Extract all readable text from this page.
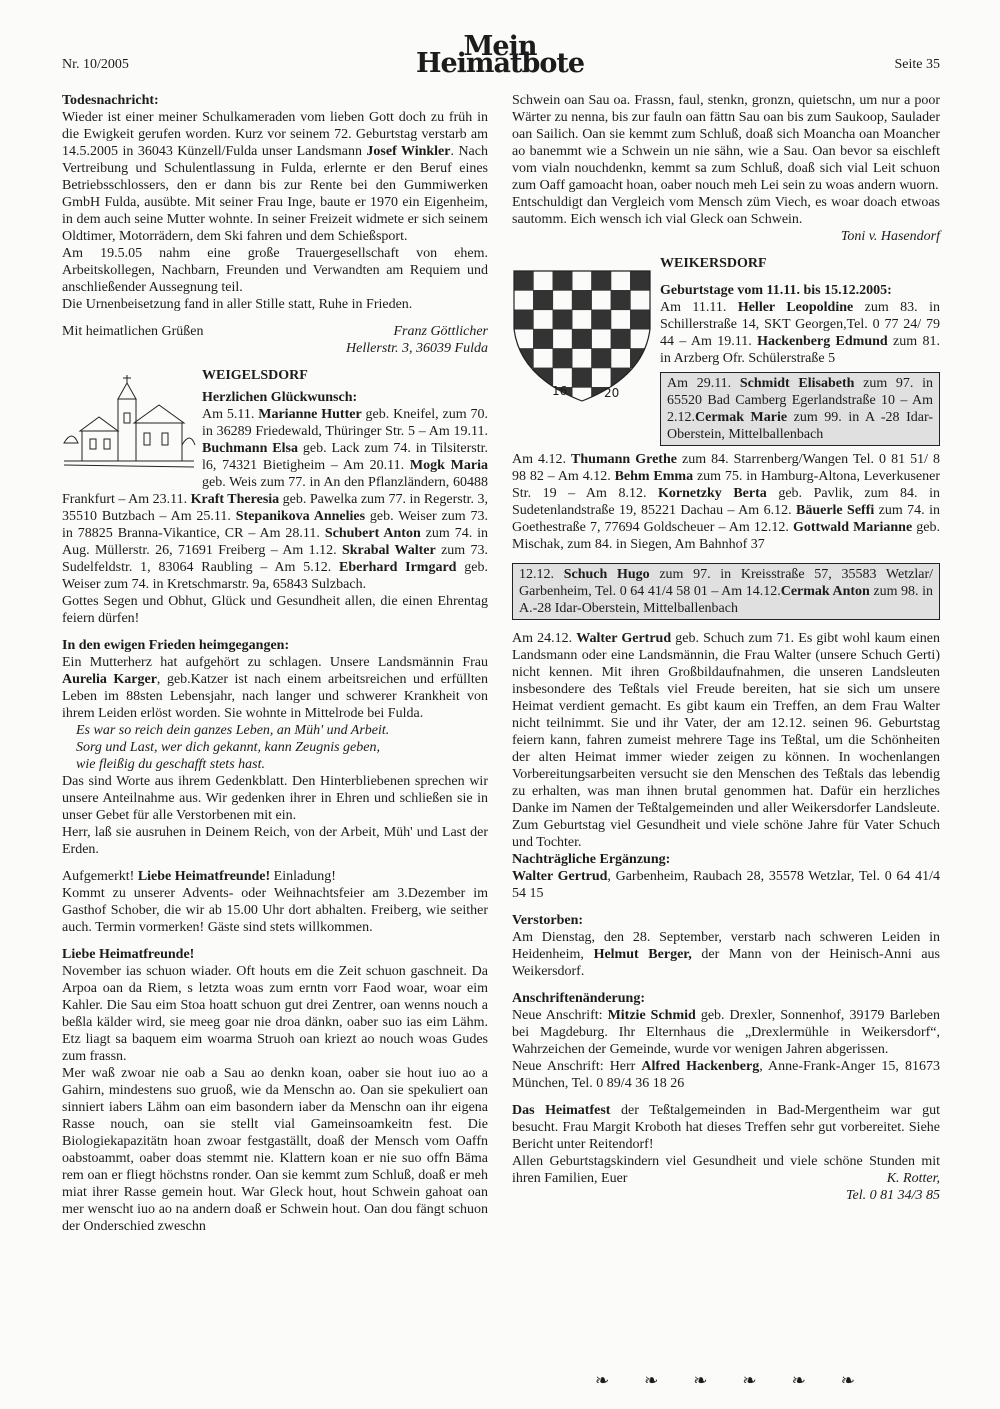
Nr. 10/2005
Mein Heimatbote	Seite 35

Todesnachricht:

Wieder ist einer meiner Schulkameraden vom lieben Gott doch zu früh in die Ewigkeit gerufen worden. Kurz vor seinem 72. Geburtstag verstarb am 14.5.2005 in 36043 Künzell/Fulda unser Landsmann Josef Winkler. Nach Vertreibung und Schulentlassung in Fulda, erlernte er den Beruf eines Betriebsschlossers, den er dann bis zur Rente bei den Gummiwerken GmbH Fulda, ausübte. Mit seiner Frau Inge, baute er 1970 ein Eigenheim, in dem auch seine Mutter wohnte. In seiner Freizeit widmete er sich seinem Oldtimer, Motorrädern, dem Ski fahren und dem Schießsport.

Am 19.5.05 nahm eine große Trauergesellschaft von ehem. Arbeitskollegen, Nachbarn, Freunden und Verwandten am Requiem und anschließender Aussegnung teil.

Die Urnenbeisetzung fand in aller Stille statt, Ruhe in Frieden.

Mit heimatlichen Grüßen	Franz Göttlicher

Hellerstr. 3, 36039 Fulda

WEIGELSDORF

Herzlichen Glückwunsch:

Am 5.11. Marianne Hutter geb. Kneifel, zum 70. in 36289 Friedewald, Thüringer Str. 5 – Am 19.11. Buchmann Elsa geb. Lack zum 74. in Tilsiterstr. l6, 74321 Bietigheim – Am 20.11. Mogk Maria geb. Weis zum 77. in An den Pflanzländern, 60488 Frankfurt – Am 23.11. Kraft Theresia geb. Pawelka zum 77. in Regerstr. 3, 35510 Butzbach – Am 25.11. Stepanikova Annelies geb. Weiser zum 73. in 78825 Branna-Vikantice, CR – Am 28.11. Schubert Anton zum 74. in Aug. Müllerstr. 26, 71691 Freiberg – Am 1.12. Skrabal Walter zum 73. Sudelfeldstr. 1, 83064 Raubling – Am 5.12. Eberhard Irmgard geb. Weiser zum 74. in Kretschmarstr. 9a, 65843 Sulzbach.

Gottes Segen und Obhut, Glück und Gesundheit allen, die einen Ehrentag feiern dürfen!

In den ewigen Frieden heimgegangen:

Ein Mutterherz hat aufgehört zu schlagen. Unsere Landsmännin Frau Aurelia Karger, geb.Katzer ist nach einem arbeitsreichen und erfüllten Leben im 88sten Lebensjahr, nach langer und schwerer Krankheit von ihrem Leiden erlöst worden. Sie wohnte in Mittelrode bei Fulda.

Es war so reich dein ganzes Leben, an Müh' und Arbeit.

Sorg und Last, wer dich gekannt, kann Zeugnis geben,

wie fleißig du geschafft stets hast.

Das sind Worte aus ihrem Gedenkblatt. Den Hinterbliebenen sprechen wir unsere Anteilnahme aus. Wir gedenken ihrer in Ehren und schließen sie in unser Gebet für alle Verstorbenen mit ein.

Herr, laß sie ausruhen in Deinem Reich, von der Arbeit, Müh' und Last der Erden.

Aufgemerkt! Liebe Heimatfreunde! Einladung!

Kommt zu unserer Advents- oder Weihnachtsfeier am 3.Dezember im Gasthof Schober, die wir ab 15.00 Uhr dort abhalten. Freiberg, wie seither auch. Termin vormerken! Gäste sind stets willkommen.

Liebe Heimatfreunde!

November ias schuon wiader. Oft houts em die Zeit schuon gaschneit. Da Arpoa oan da Riem, s letzta woas zum erntn vorr Faod woar, woar eim Kahler. Die Sau eim Stoa hoatt schuon gut drei Zentrer, oan wenns nouch a beßla kälder wird, sie meeg goar nie droa dänkn, oaber suo ias eim Lähm. Etz liagt sa baquem eim woarma Struoh oan kriezt ao nouch woas Gudes zum frassn.

Mer waß zwoar nie oab a Sau ao denkn koan, oaber sie hout iuo ao a Gahirn, mindestens suo gruoß, wie da Menschn ao. Oan sie spekuliert oan sinniert iabers Lähm oan eim basondern iaber da Menschn oan ihr eigena Rasse nouch, oan sie stellt vial Gameinsoamkeitn fest. Die Biologiekapazitätn hoan zwoar festgaställt, doaß der Mensch vom Oaffn oabstoammt, oaber doas stemmt nie. Klattern koan er nie suo offn Bäma rem oan er fliegt höchstns ronder. Oan sie kemmt zum Schluß, doaß er meh miat ihrer Rasse gemein hout. War Gleck hout, hout Schwein gahoat oan mer wenscht iuo ao na andern doaß er Schwein hout. Oan dou fängt schuon der Onderschied zweschn

Schwein oan Sau oa. Frassn, faul, stenkn, gronzn, quietschn, um nur a poor Wärter zu nenna, bis zur fauln oan fättn Sau oan bis zum Saukoop, Saulader oan Sailich. Oan sie kemmt zum Schluß, doaß sich Moancha oan Moancher ao banemmt wie a Schwein un nie sähn, wie a Sau. Oan bevor sa eischleft vom vialn nouchdenkn, kemmt sa zum Schluß, doaß sich vial Leit schuon zum Oaff gamoacht hoan, oaber nouch meh Lei sein zu woas andern wuorn.

Entschuldigt dan Vergleich vom Mensch züm Viech, es woar doach etwoas sautomm. Eich wensch ich vial Gleck oan Schwein.

Toni v. Hasendorf

16	20

WEIKERSDORF

Geburtstage vom 11.11. bis 15.12.2005:

Am 11.11. Heller Leopoldine zum 83. in Schillerstraße 14, SKT Georgen,Tel. 0 77 24/ 79 44 – Am 19.11. Hackenberg Edmund zum 81. in Arzberg Ofr. Schülerstraße 5

Am 29.11. Schmidt Elisabeth zum 97. in 65520 Bad Camberg Egerlandstraße 10 – Am 2.12.Cermak Marie zum 99. in A -28 Idar-Oberstein, Mittelballenbach

Am 4.12. Thumann Grethe zum 84. Starrenberg/Wangen Tel. 0 81 51/ 8 98 82 – Am 4.12. Behm Emma zum 75. in Hamburg-Altona, Leverkusener Str. 19 – Am 8.12. Kornetzky Berta geb. Pavlik, zum 84. in Sudetenlandstraße 19, 85221 Dachau – Am 6.12. Bäuerle Seffi zum 74. in Goethestraße 7, 77694 Goldscheuer – Am 12.12. Gottwald Marianne geb. Mischak, zum 84. in Siegen, Am Bahnhof 37

12.12. Schuch Hugo zum 97. in Kreisstraße 57, 35583 Wetzlar/ Garbenheim, Tel. 0 64 41/4 58 01 – Am 14.12.Cermak Anton zum 98. in A.-28 Idar-Oberstein, Mittelballenbach

Am 24.12. Walter Gertrud geb. Schuch zum 71. Es gibt wohl kaum einen Landsmann oder eine Landsmännin, die Frau Walter (unsere Schuch Gerti) nicht kennen. Mit ihren Großbildaufnahmen, die unseren Landsleuten insbesondere des Teßtals viel Freude bereiten, hat sie sich um unsere Heimat verdient gemacht. Es gibt kaum ein Treffen, an dem Frau Walter nicht teilnimmt. Sie und ihr Vater, der am 12.12. seinen 96. Geburtstag feiern kann, fahren zumeist mehrere Tage ins Teßtal, um die Schönheiten der alten Heimat immer wieder zeigen zu können. In wochenlangen Vorbereitungsarbeiten versucht sie den Menschen des Teßtals das lebendig zu erhalten, was man ihnen brutal genommen hat. Dafür ein herzliches Danke im Namen der Teßtalgemeinden und aller Weikersdorfer Landsleute. Zum Geburtstag viel Gesundheit und viele schöne Jahre für Vater Schuch und Tochter.

Nachträgliche Ergänzung:

Walter Gertrud, Garbenheim, Raubach 28, 35578 Wetzlar, Tel. 0 64 41/4 54 15

Verstorben:

Am Dienstag, den 28. September, verstarb nach schweren Leiden in Heidenheim, Helmut Berger, der Mann von der Heinisch-Anni aus Weikersdorf.

Anschriftenänderung:

Neue Anschrift: Mitzie Schmid geb. Drexler, Sonnenhof, 39179 Barleben bei Magdeburg. Ihr Elternhaus die „Drexlermühle in Weikersdorf“, Wahrzeichen der Gemeinde, wurde vor wenigen Jahren abgerissen.

Neue Anschrift: Herr Alfred Hackenberg, Anne-Frank-Anger 15, 81673 München, Tel. 0 89/4 36 18 26

Das Heimatfest der Teßtalgemeinden in Bad-Mergentheim war gut besucht. Frau Margit Kroboth hat dieses Treffen sehr gut vorbereitet. Siehe Bericht unter Reitendorf!

Allen Geburtstagskindern viel Gesundheit und viele schöne Stunden mit ihren Familien, Euer	K. Rotter,

Tel. 0 81 34/3 85

❧ ❧ ❧ ❧ ❧ ❧
